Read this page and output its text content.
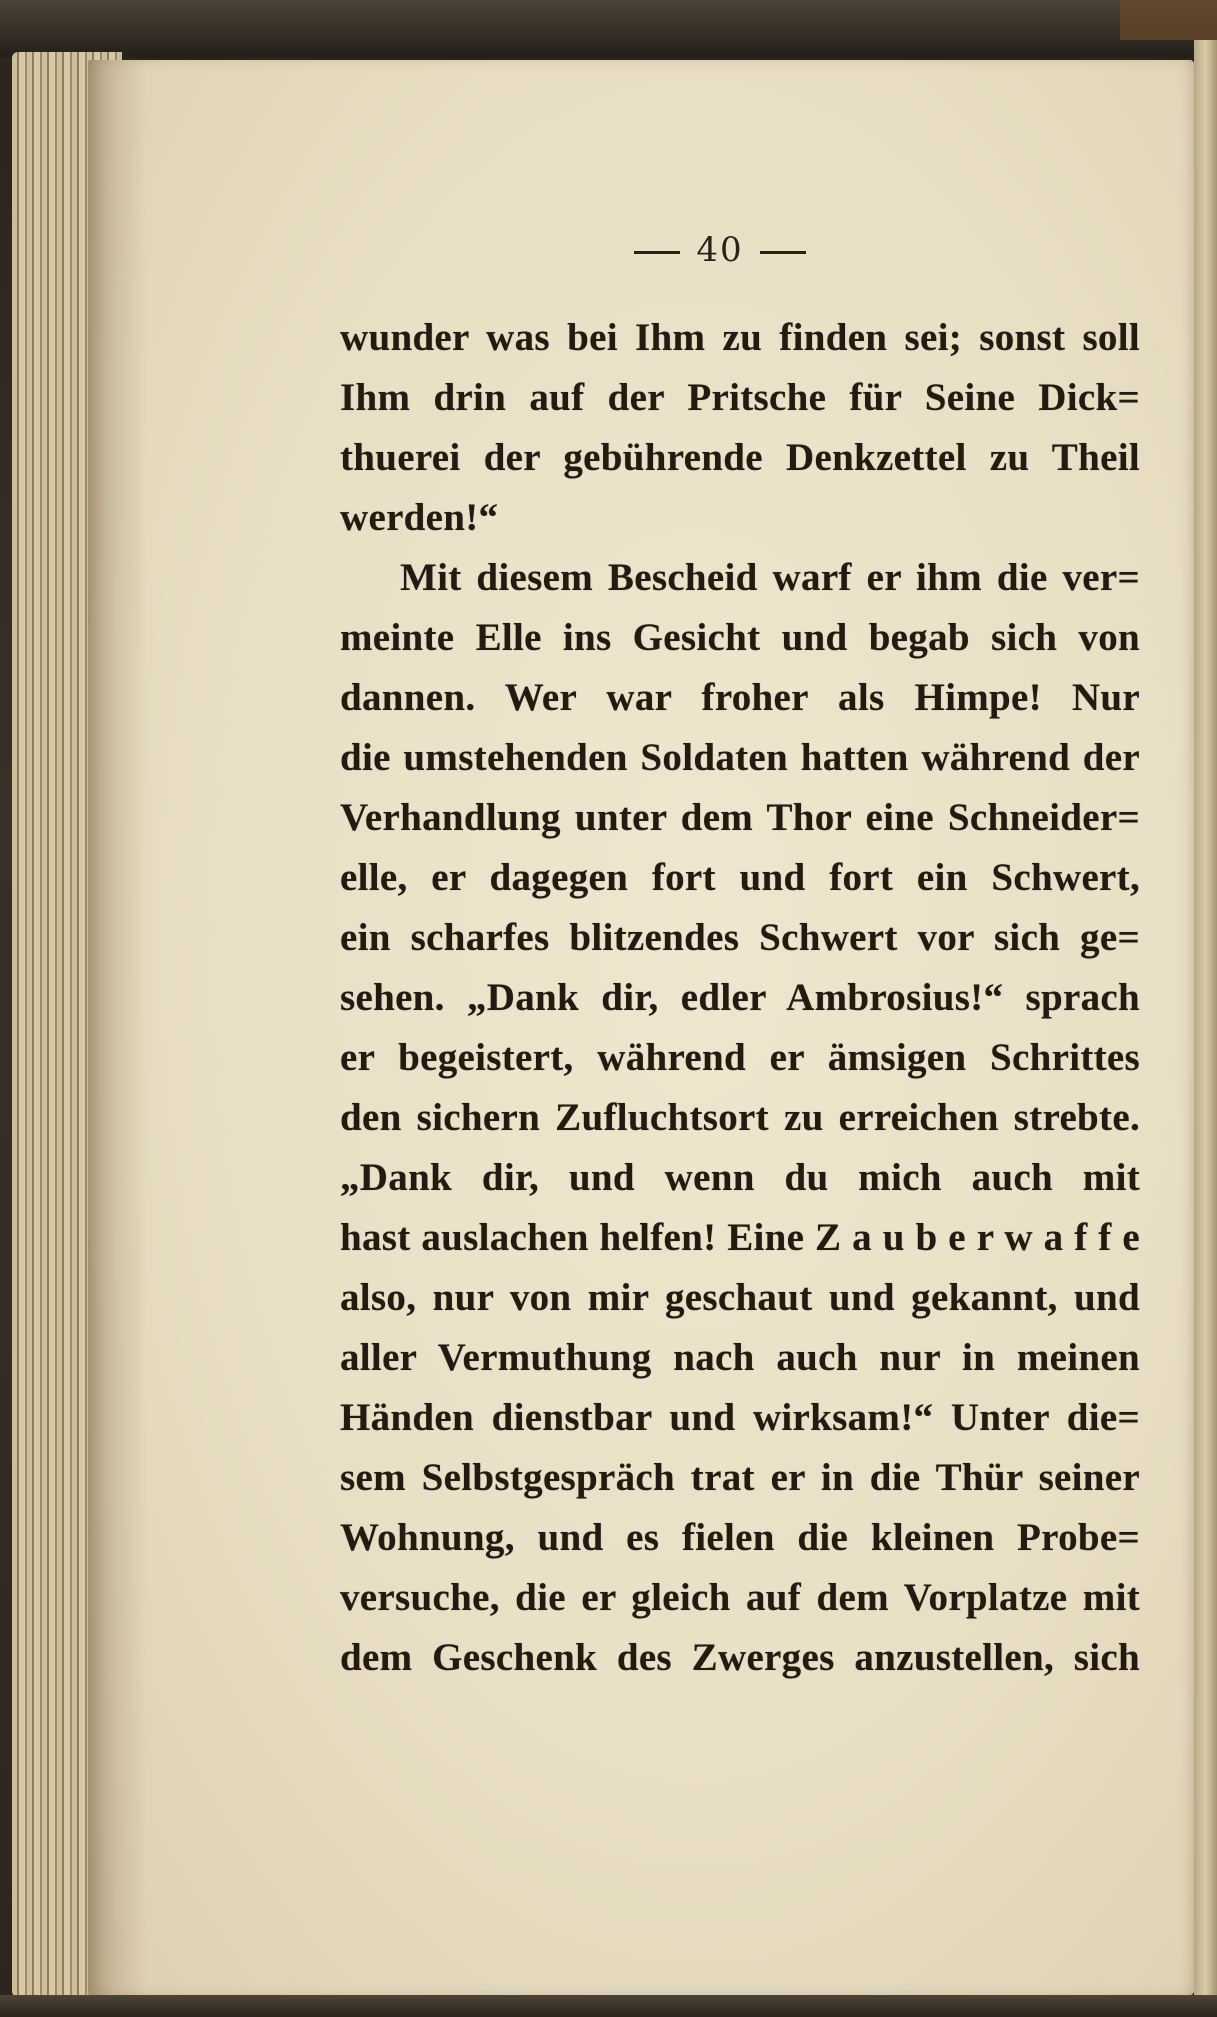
40
wunder was bei Ihm zu finden sei; sonst soll
Ihm drin auf der Pritsche für Seine Dick=
thuerei der gebührende Denkzettel zu Theil
werden!“
Mit diesem Bescheid warf er ihm die ver=
meinte Elle ins Gesicht und begab sich von
dannen. Wer war froher als Himpe! Nur
die umstehenden Soldaten hatten während der
Verhandlung unter dem Thor eine Schneider=
elle, er dagegen fort und fort ein Schwert,
ein scharfes blitzendes Schwert vor sich ge=
sehen. „Dank dir, edler Ambrosius!“ sprach
er begeistert, während er ämsigen Schrittes
den sichern Zufluchtsort zu erreichen strebte.
„Dank dir, und wenn du mich auch mit
hast auslachen helfen! Eine Z a u b e r w a f f e
also, nur von mir geschaut und gekannt, und
aller Vermuthung nach auch nur in meinen
Händen dienstbar und wirksam!“ Unter die=
sem Selbstgespräch trat er in die Thür seiner
Wohnung, und es fielen die kleinen Probe=
versuche, die er gleich auf dem Vorplatze mit
dem Geschenk des Zwerges anzustellen, sich
